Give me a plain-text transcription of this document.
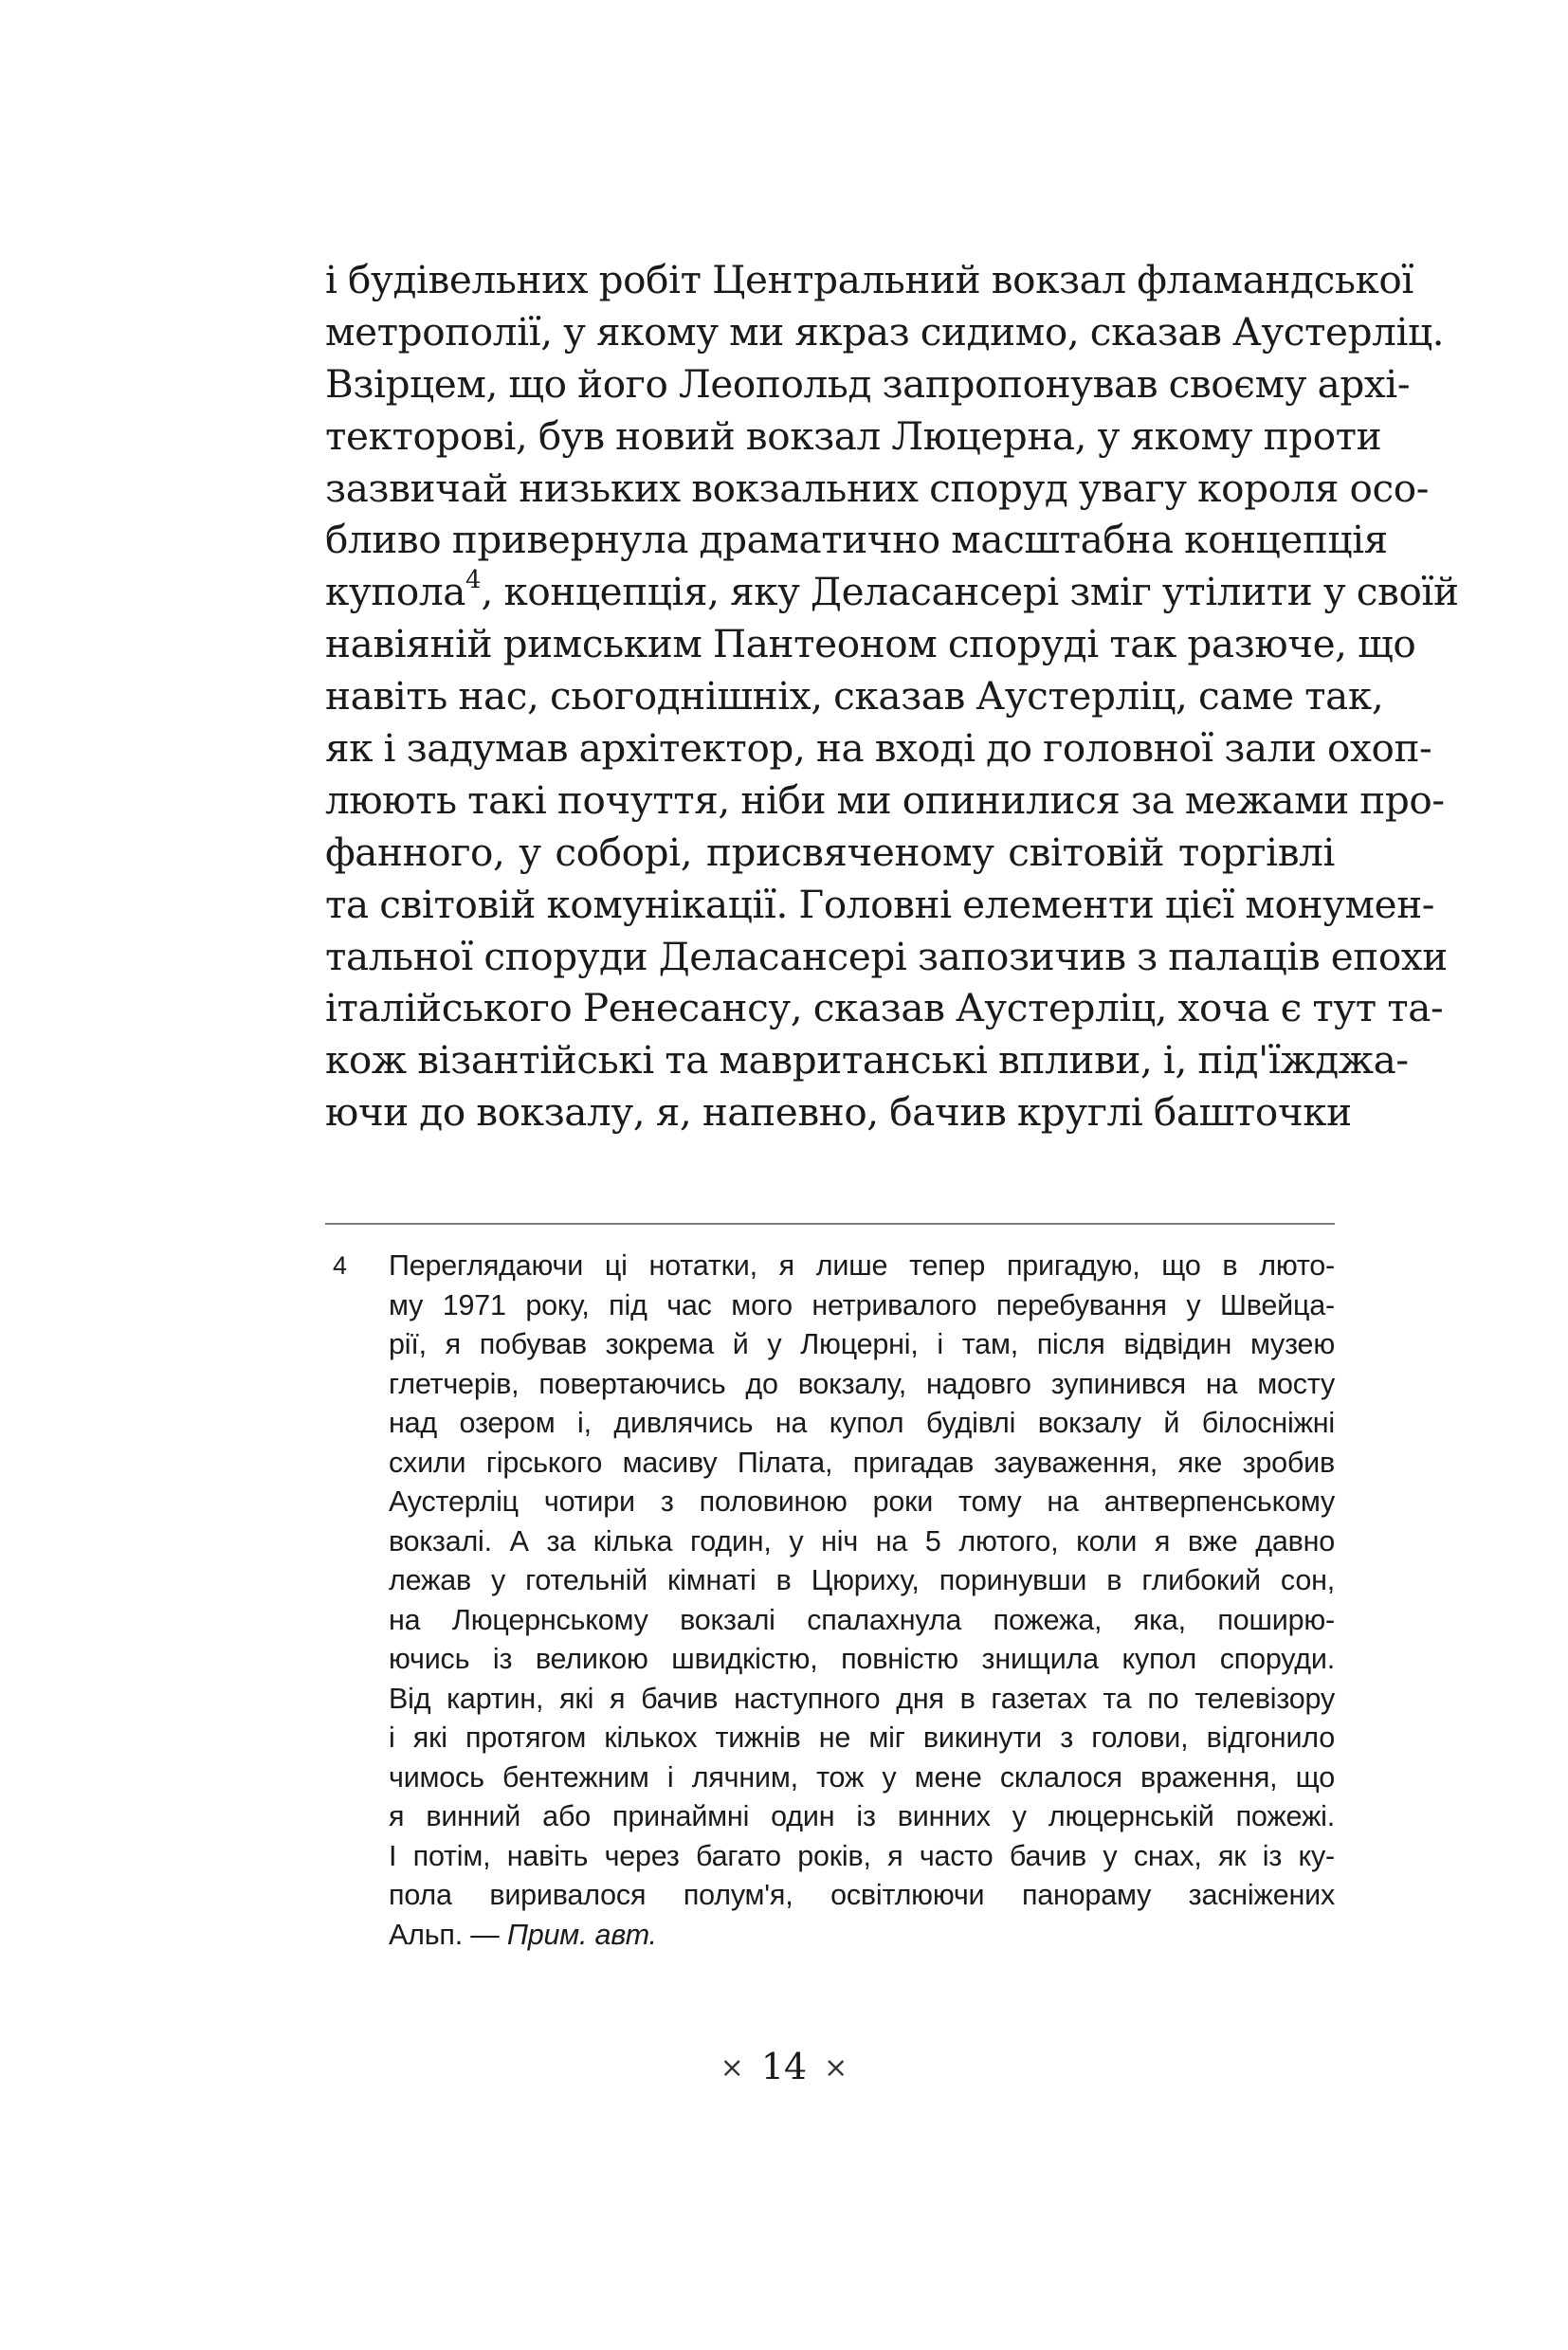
і будівельних робіт Центральний вокзал фламандської
метрополії, у якому ми якраз сидимо, сказав Аустерліц.
Взірцем, що його Леопольд запропонував своєму архі-
текторові, був новий вокзал Люцерна, у якому проти
зазвичай низьких вокзальних споруд увагу короля осо-
бливо привернула драматично масштабна концепція
купола$^4$, концепція, яку Деласансері зміг утілити у своїй
навіяній римським Пантеоном споруді так разюче, що
навіть нас, сьогоднішніх, сказав Аустерліц, саме так,
як і задумав архітектор, на вході до головної зали охоп-
люють такі почуття, ніби ми опинилися за межами про-
фанного, у соборі, присвяченому світовій торгівлі
та світовій комунікації. Головні елементи цієї монумен-
тальної споруди Деласансері запозичив з палаців епохи
італійського Ренесансу, сказав Аустерліц, хоча є тут та-
кож візантійські та мавританські впливи, і, під'їжджа-
ючи до вокзалу, я, напевно, бачив круглі башточки
4 Переглядаючи ці нотатки, я лише тепер пригадую, що в люто-
му 1971 року, під час мого нетривалого перебування у Швейца-
рії, я побував зокрема й у Люцерні, і там, після відвідин музею
глетчерів, повертаючись до вокзалу, надовго зупинився на мосту
над озером і, дивлячись на купол будівлі вокзалу й білосніжні
схили гірського масиву Пілата, пригадав зауваження, яке зробив
Аустерліц чотири з половиною роки тому на антверпенському
вокзалі. А за кілька годин, у ніч на 5 лютого, коли я вже давно
лежав у готельній кімнаті в Цюриху, поринувши в глибокий сон,
на Люцернському вокзалі спалахнула пожежа, яка, поширю-
ючись із великою швидкістю, повністю знищила купол споруди.
Від картин, які я бачив наступного дня в газетах та по телевізору
і які протягом кількох тижнів не міг викинути з голови, відгонило
чимось бентежним і лячним, тож у мене склалося враження, що
я винний або принаймні один із винних у люцернській пожежі.
І потім, навіть через багато років, я часто бачив у снах, як із ку-
пола виривалося полум'я, освітлюючи панораму засніжених
Альп. — Прим. авт.
× 14 ×
